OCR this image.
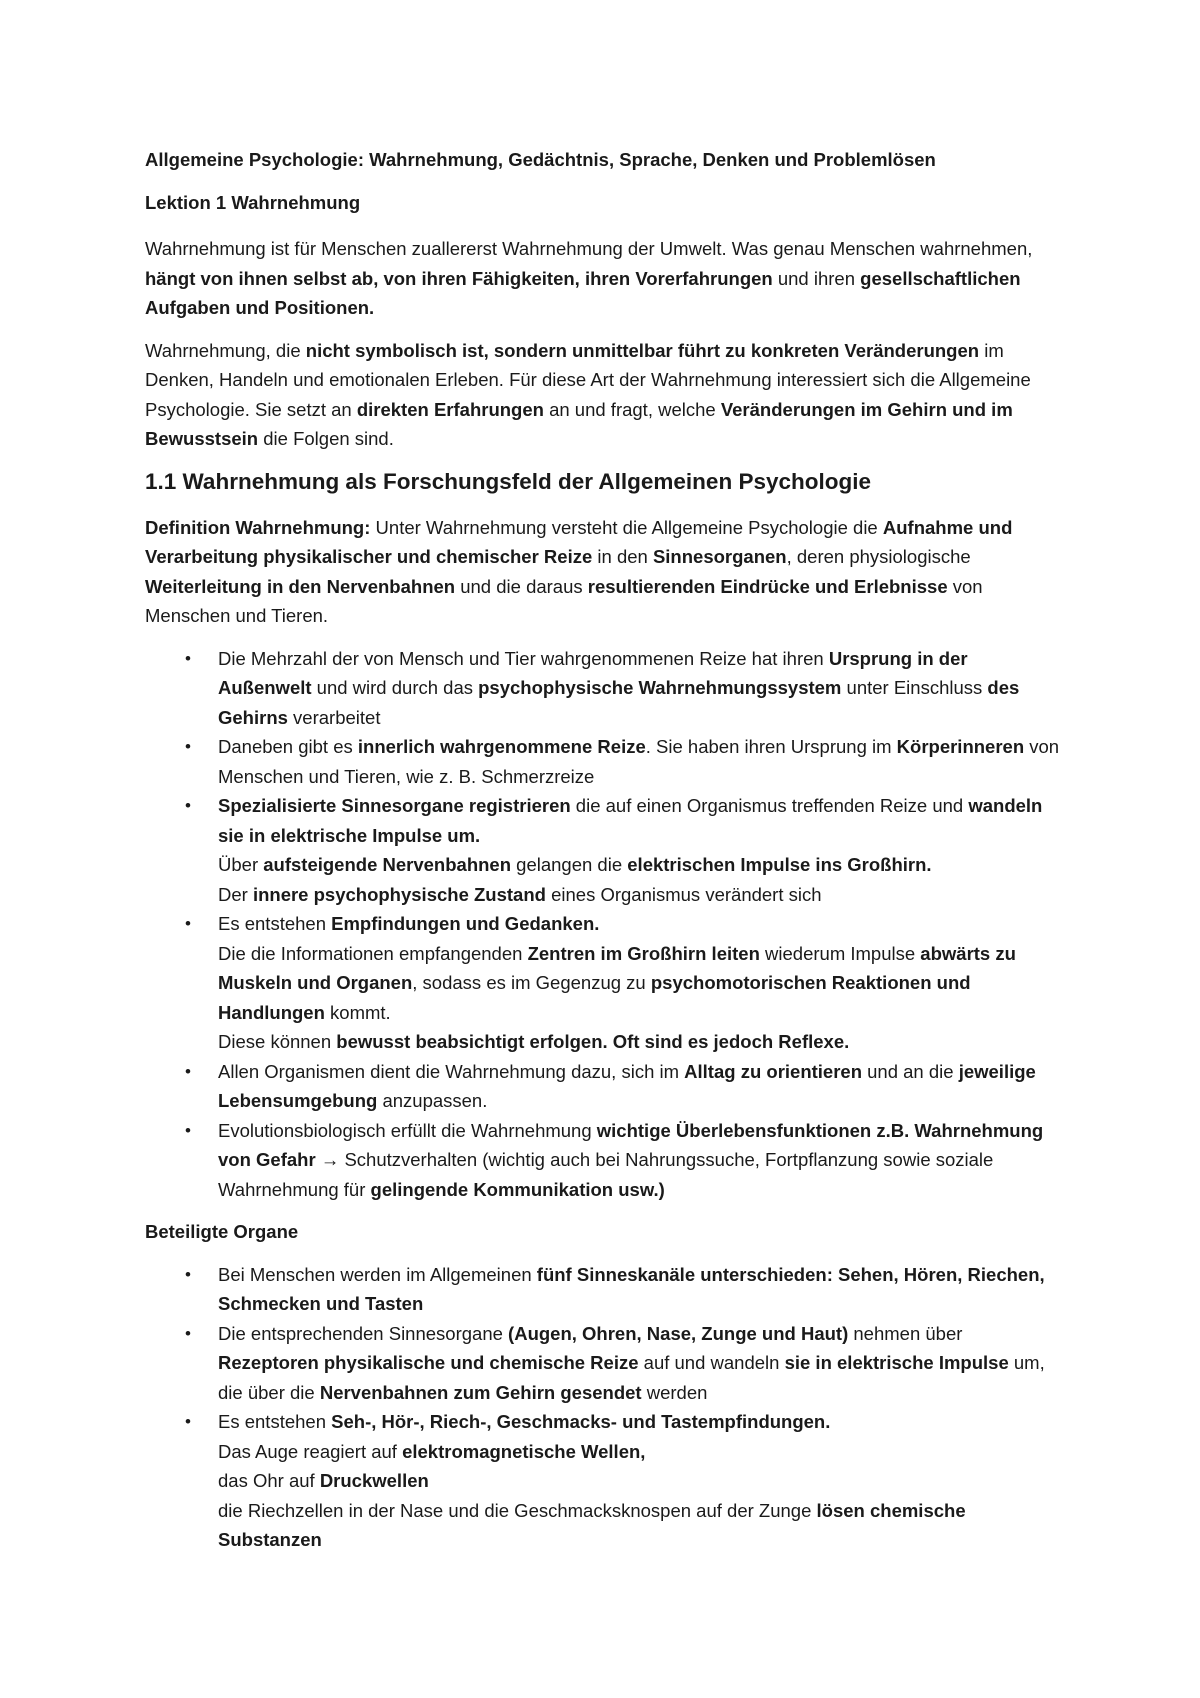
Allgemeine Psychologie: Wahrnehmung, Gedächtnis, Sprache, Denken und Problemlösen

Lektion 1 Wahrnehmung

Wahrnehmung ist für Menschen zuallererst Wahrnehmung der Umwelt. Was genau Menschen wahrnehmen, hängt von ihnen selbst ab, von ihren Fähigkeiten, ihren Vorerfahrungen und ihren gesellschaftlichen Aufgaben und Positionen.

Wahrnehmung, die nicht symbolisch ist, sondern unmittelbar führt zu konkreten Veränderungen im Denken, Handeln und emotionalen Erleben. Für diese Art der Wahrnehmung interessiert sich die Allgemeine Psychologie. Sie setzt an direkten Erfahrungen an und fragt, welche Veränderungen im Gehirn und im Bewusstsein die Folgen sind.

1.1 Wahrnehmung als Forschungsfeld der Allgemeinen Psychologie

Definition Wahrnehmung: Unter Wahrnehmung versteht die Allgemeine Psychologie die Aufnahme und Verarbeitung physikalischer und chemischer Reize in den Sinnesorganen, deren physiologische Weiterleitung in den Nervenbahnen und die daraus resultierenden Eindrücke und Erlebnisse von Menschen und Tieren.

• Die Mehrzahl der von Mensch und Tier wahrgenommenen Reize hat ihren Ursprung in der Außenwelt und wird durch das psychophysische Wahrnehmungssystem unter Einschluss des Gehirns verarbeitet
• Daneben gibt es innerlich wahrgenommene Reize. Sie haben ihren Ursprung im Körperinneren von Menschen und Tieren, wie z. B. Schmerzreize
• Spezialisierte Sinnesorgane registrieren die auf einen Organismus treffenden Reize und wandeln sie in elektrische Impulse um.
Über aufsteigende Nervenbahnen gelangen die elektrischen Impulse ins Großhirn.
Der innere psychophysische Zustand eines Organismus verändert sich
• Es entstehen Empfindungen und Gedanken.
Die die Informationen empfangenden Zentren im Großhirn leiten wiederum Impulse abwärts zu Muskeln und Organen, sodass es im Gegenzug zu psychomotorischen Reaktionen und Handlungen kommt.
Diese können bewusst beabsichtigt erfolgen. Oft sind es jedoch Reflexe.
• Allen Organismen dient die Wahrnehmung dazu, sich im Alltag zu orientieren und an die jeweilige Lebensumgebung anzupassen.
• Evolutionsbiologisch erfüllt die Wahrnehmung wichtige Überlebensfunktionen z.B. Wahrnehmung von Gefahr → Schutzverhalten (wichtig auch bei Nahrungssuche, Fortpflanzung sowie soziale Wahrnehmung für gelingende Kommunikation usw.)

Beteiligte Organe

• Bei Menschen werden im Allgemeinen fünf Sinneskanäle unterschieden: Sehen, Hören, Riechen, Schmecken und Tasten
• Die entsprechenden Sinnesorgane (Augen, Ohren, Nase, Zunge und Haut) nehmen über Rezeptoren physikalische und chemische Reize auf und wandeln sie in elektrische Impulse um, die über die Nervenbahnen zum Gehirn gesendet werden
• Es entstehen Seh-, Hör-, Riech-, Geschmacks- und Tastempfindungen.
Das Auge reagiert auf elektromagnetische Wellen,
das Ohr auf Druckwellen
die Riechzellen in der Nase und die Geschmacksknospen auf der Zunge lösen chemische Substanzen
